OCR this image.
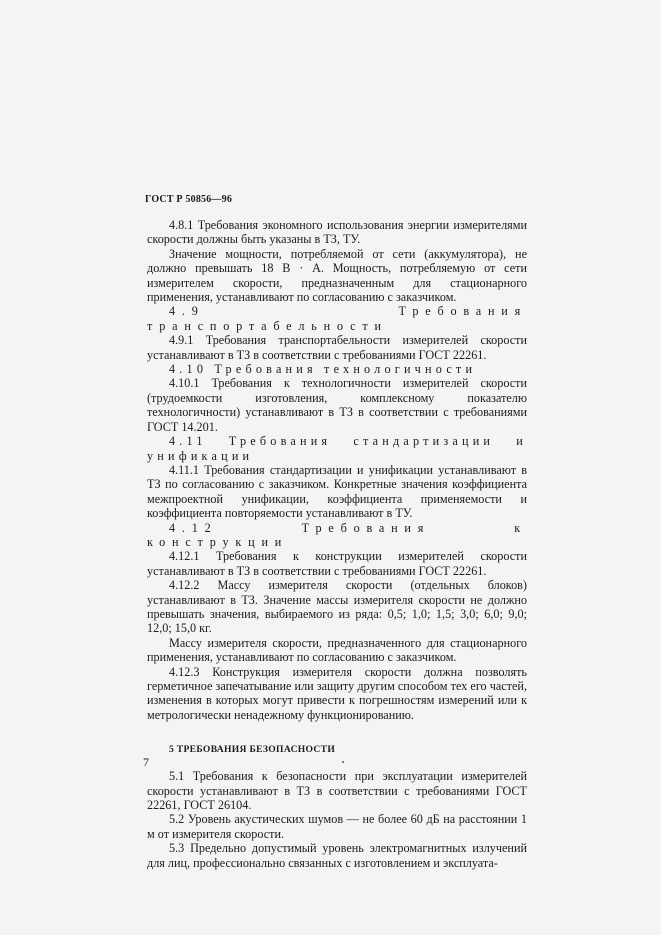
ГОСТ Р 50856—96

4.8.1 Требования экономного использования энергии измерителями скорости должны быть указаны в ТЗ, ТУ.

Значение мощности, потребляемой от сети (аккумулятора), не должно превышать 18 В · А. Мощность, потребляемую от сети измерителем скорости, предназначенным для стационарного применения, устанавливают по согласованию с заказчиком.

4.9 Требования транспортабельности

4.9.1 Требования транспортабельности измерителей скорости устанавливают в ТЗ в соответствии с требованиями ГОСТ 22261.

4.10 Требования технологичности

4.10.1 Требования к технологичности измерителей скорости (трудоемкости изготовления, комплексному показателю технологичности) устанавливают в ТЗ в соответствии с требованиями ГОСТ 14.201.

4.11 Требования стандартизации и унификации

4.11.1 Требования стандартизации и унификации устанавливают в ТЗ по согласованию с заказчиком. Конкретные значения коэффициента межпроектной унификации, коэффициента применяемости и коэффициента повторяемости устанавливают в ТУ.

4.12 Требования к конструкции

4.12.1 Требования к конструкции измерителей скорости устанавливают в ТЗ в соответствии с требованиями ГОСТ 22261.

4.12.2 Массу измерителя скорости (отдельных блоков) устанавливают в ТЗ. Значение массы измерителя скорости не должно превышать значения, выбираемого из ряда: 0,5; 1,0; 1,5; 3,0; 6,0; 9,0; 12,0; 15,0 кг.

Массу измерителя скорости, предназначенного для стационарного применения, устанавливают по согласованию с заказчиком.

4.12.3 Конструкция измерителя скорости должна позволять герметичное запечатывание или защиту другим способом тех его частей, изменения в которых могут привести к погрешностям измерений или к метрологически ненадежному функционированию.

5 ТРЕБОВАНИЯ БЕЗОПАСНОСТИ

5.1 Требования к безопасности при эксплуатации измерителей скорости устанавливают в ТЗ в соответствии с требованиями ГОСТ 22261, ГОСТ 26104.

5.2 Уровень акустических шумов — не более 60 дБ на расстоянии 1 м от измерителя скорости.

5.3 Предельно допустимый уровень электромагнитных излучений для лиц, профессионально связанных с изготовлением и эксплуата-

7
